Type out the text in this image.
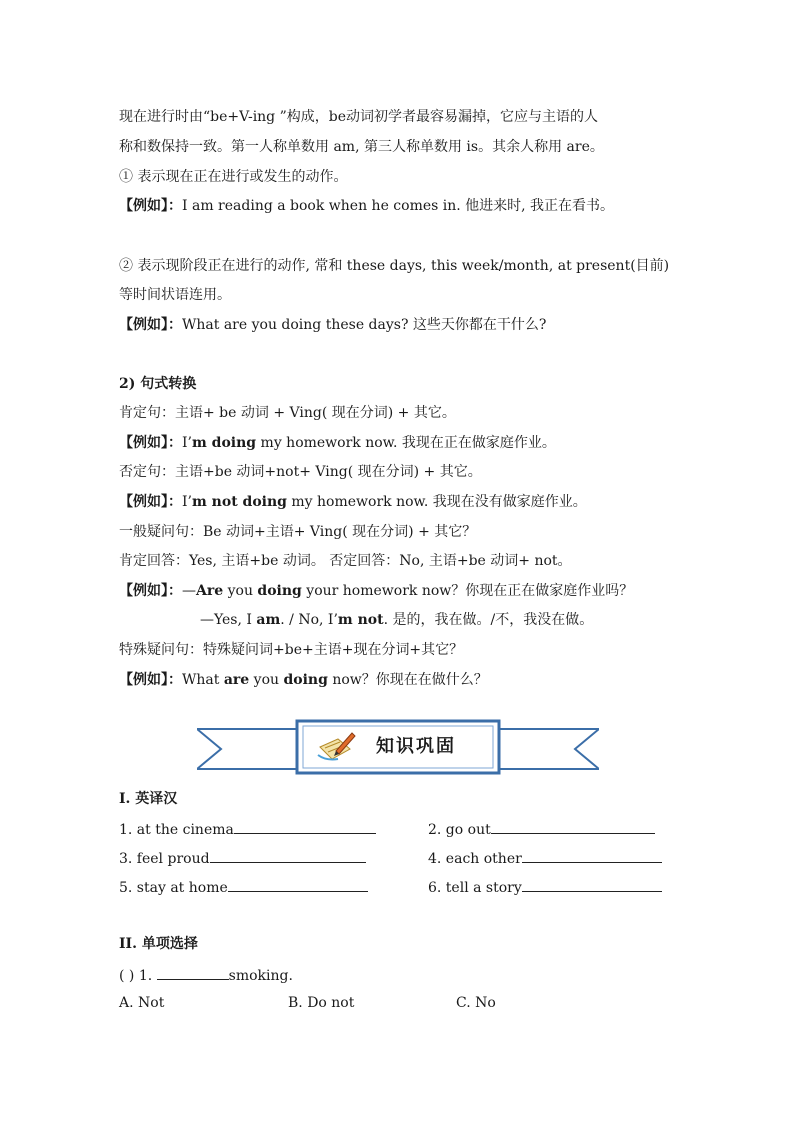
现在进行时由“be+V-ing ”构成，be动词初学者最容易漏掉，它应与主语的人
称和数保持一致。第一人称单数用 am, 第三人称单数用 is。其余人称用 are。
① 表示现在正在进行或发生的动作。
【例如】：I am reading a book when he comes in. 他进来时, 我正在看书。
② 表示现阶段正在进行的动作, 常和 these days, this week/month, at present(目前)
等时间状语连用。
【例如】：What are you doing these days? 这些天你都在干什么?
2) 句式转换
肯定句：主语+ be 动词 + Ving( 现在分词) + 其它。
【例如】：I’m doing my homework now. 我现在正在做家庭作业。
否定句：主语+be 动词+not+ Ving( 现在分词) + 其它。
【例如】：I’m not doing my homework now. 我现在没有做家庭作业。
一般疑问句：Be 动词+主语+ Ving( 现在分词) + 其它？
肯定回答：Yes, 主语+be 动词。 否定回答：No, 主语+be 动词+ not。
【例如】：—Are you doing your homework now？你现在正在做家庭作业吗？
—Yes, I am. / No, I’m not. 是的，我在做。/不，我没在做。
特殊疑问句：特殊疑问词+be+主语+现在分词+其它？
【例如】：What are you doing now？你现在在做什么？
知识巩固
I. 英译汉
1. at the cinema	2. go out
3. feel proud	4. each other
5. stay at home	6. tell a story
II. 单项选择
( ) 1.	smoking.
A. Not	B. Do not	C. No
